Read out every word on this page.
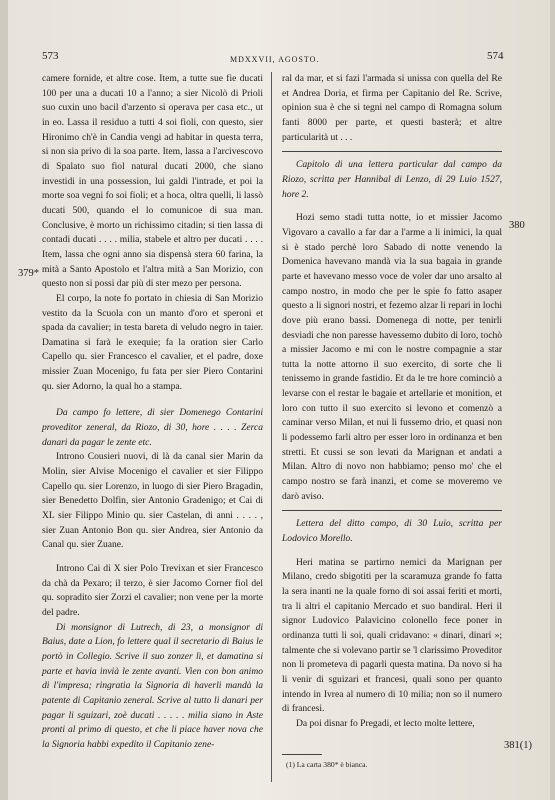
573	MDXXVII, AGOSTO.	574

camere fornide, et altre cose. Item, a tutte sue fie ducati 100 per una a ducati 10 a l'anno; a sier Nicolò di Prioli suo cuxin uno bacil d'arzento si operava per casa etc., ut in eo. Lassa il residuo a tutti 4 soi fioli, con questo, sier Hironimo ch'è in Candia vengi ad habitar in questa terra, si non sia privo di la soa parte. Item, lassa a l'arcivescovo di Spalato suo fiol natural ducati 2000, che siano investidi in una possession, lui galdi l'intrade, et poi la morte soa vegni fo soi fioli; et a hoca, oltra quelli, li lassò ducati 500, quando el lo comunicoe di sua man. Conclusive, è morto un richissimo citadin; si tien lassa di contadi ducati . . . . milia, stabele et altro per ducati . . . . Item, lassa che ogni anno sia dispensà stera 60 farina, la mità a Santo Apostolo et l'altra mità a San Morizio, con questo non si possi dar più di ster mezo per persona.

El corpo, la note fo portato in chiesia di San Morizio vestito da la Scuola con un manto d'oro et speroni et spada da cavalier; in testa bareta di veludo negro in taier. Damatina si farà le exequie; fa la oration sier Carlo Capello qu. sier Francesco el cavalier, et el padre, doxe missier Zuan Mocenigo, fu fata per sier Piero Contarini qu. sier Adorno, la qual ho a stampa.

Da campo fo lettere, di sier Domenego Contarini proveditor zeneral, da Riozo, di 30, hore . . . . Zerca danari da pagar le zente etc.

Introno Cousieri nuovi, di là da canal sier Marin da Molin, sier Alvise Mocenigo el cavalier et sier Filippo Capello qu. sier Lorenzo, in luogo di sier Piero Bragadin, sier Benedetto Dolfin, sier Antonio Gradenigo; et Cai di XL sier Filippo Minio qu. sier Castelan, di anni . . . . , sier Zuan Antonio Bon qu. sier Andrea, sier Antonio da Canal qu. sier Zuane.

Introno Cai di X sier Polo Trevixan et sier Francesco da chà da Pexaro; il terzo, è sier Jacomo Corner fiol del qu. sopradito sier Zorzi el cavalier; non vene per la morte del padre.

Di monsignor di Lutrech, di 23, a monsignor di Baius, date a Lion, fo lettere qual il secretario di Baius le portò in Collegio. Scrive il suo zonzer lì, et damatina si parte et havia invià le zente avanti. Vien con bon animo di l'impresa; ringratia la Signoria di haverli mandà la patente di Capitanio zeneral. Scrive al tutto li danari per pagar li sguizari, zoè ducati . . . . . milia siano in Aste pronti al primo di questo, et che li piace haver nova che la Signoria habbi expedito il Capitanio zene-

ral da mar, et si fazi l'armada si unissa con quella del Re et Andrea Doria, et firma per Capitanio del Re. Scrive, opinion sua è che si tegni nel campo di Romagna solum fanti 8000 per parte, et questi basterà; et altre particularità ut . . .

Capitolo di una lettera particular dal campo da Riozo, scritta per Hannibal di Lenzo, di 29 Luio 1527, hore 2.

Hozi semo stadi tutta notte, io et missier Jacomo Vigovaro a cavallo a far dar a l'arme a li inimici, la qual si è stado perchè loro Sabado di notte venendo la Domenica havevano mandà via la sua bagaia in grande parte et havevano messo voce de voler dar uno arsalto al campo nostro, in modo che per le spie fo fatto asaper questo a li signori nostri, et fezemo alzar li repari in lochi dove più erano bassi. Domenega di notte, per tenirli desviadi che non paresse havessemo dubito di loro, tochò a missier Jacomo e mi con le nostre compagnie a star tutta la notte attorno il suo exercito, di sorte che li tenissemo in grande fastidio. Et da le tre hore cominciò a levarse con el restar le bagaie et artellarie et monition, et loro con tutto il suo exercito si levono et comenzò a caminar verso Milan, et nui li fussemo drio, et quasi non li podessemo farli altro per esser loro in ordinanza et ben stretti. Et cussi se son levati da Marignan et andati a Milan. Altro di novo non habbiamo; penso mo' che el campo nostro se farà inanzi, et come se moveremo ve darò aviso.

Lettera del ditto campo, di 30 Luio, scritta per Lodovico Morello.

Heri matina se partirno nemici da Marignan per Milano, credo sbigotiti per la scaramuza grande fo fatta la sera inanti ne la quale forno di soi assai feriti et morti, tra li altri el capitanio Mercado et suo bandiral. Heri il signor Ludovico Palavicino colonello fece poner in ordinanza tutti li soi, quali cridavano: « dinari, dinari »; talmente che si volevano partir se 'l clarissimo Proveditor non li prometeva di pagarli questa matina. Da novo si ha li venir di sguizari et francesi, quali sono per quanto intendo in Ivrea al numero di 10 milia; non so il numero di francesi.

Da poi disnar fo Pregadi, et lecto molte lettere,

379*
380
381(1)
(1) La carta 380* è bianca.
